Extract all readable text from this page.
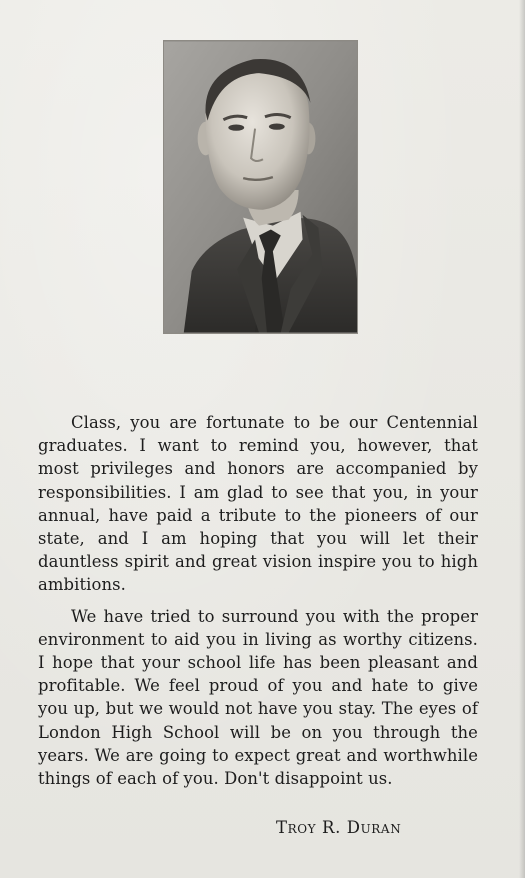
Class, you are fortunate to be our Centennial graduates. I want to remind you, however, that most privileges and honors are accompanied by responsibilities. I am glad to see that you, in your annual, have paid a tribute to the pioneers of our state, and I am hoping that you will let their dauntless spirit and great vision inspire you to high ambitions.

We have tried to surround you with the proper environment to aid you in living as worthy citizens. I hope that your school life has been pleasant and profitable. We feel proud of you and hate to give you up, but we would not have you stay. The eyes of London High School will be on you through the years. We are going to expect great and worthwhile things of each of you. Don't disappoint us.

Troy R. Duran
